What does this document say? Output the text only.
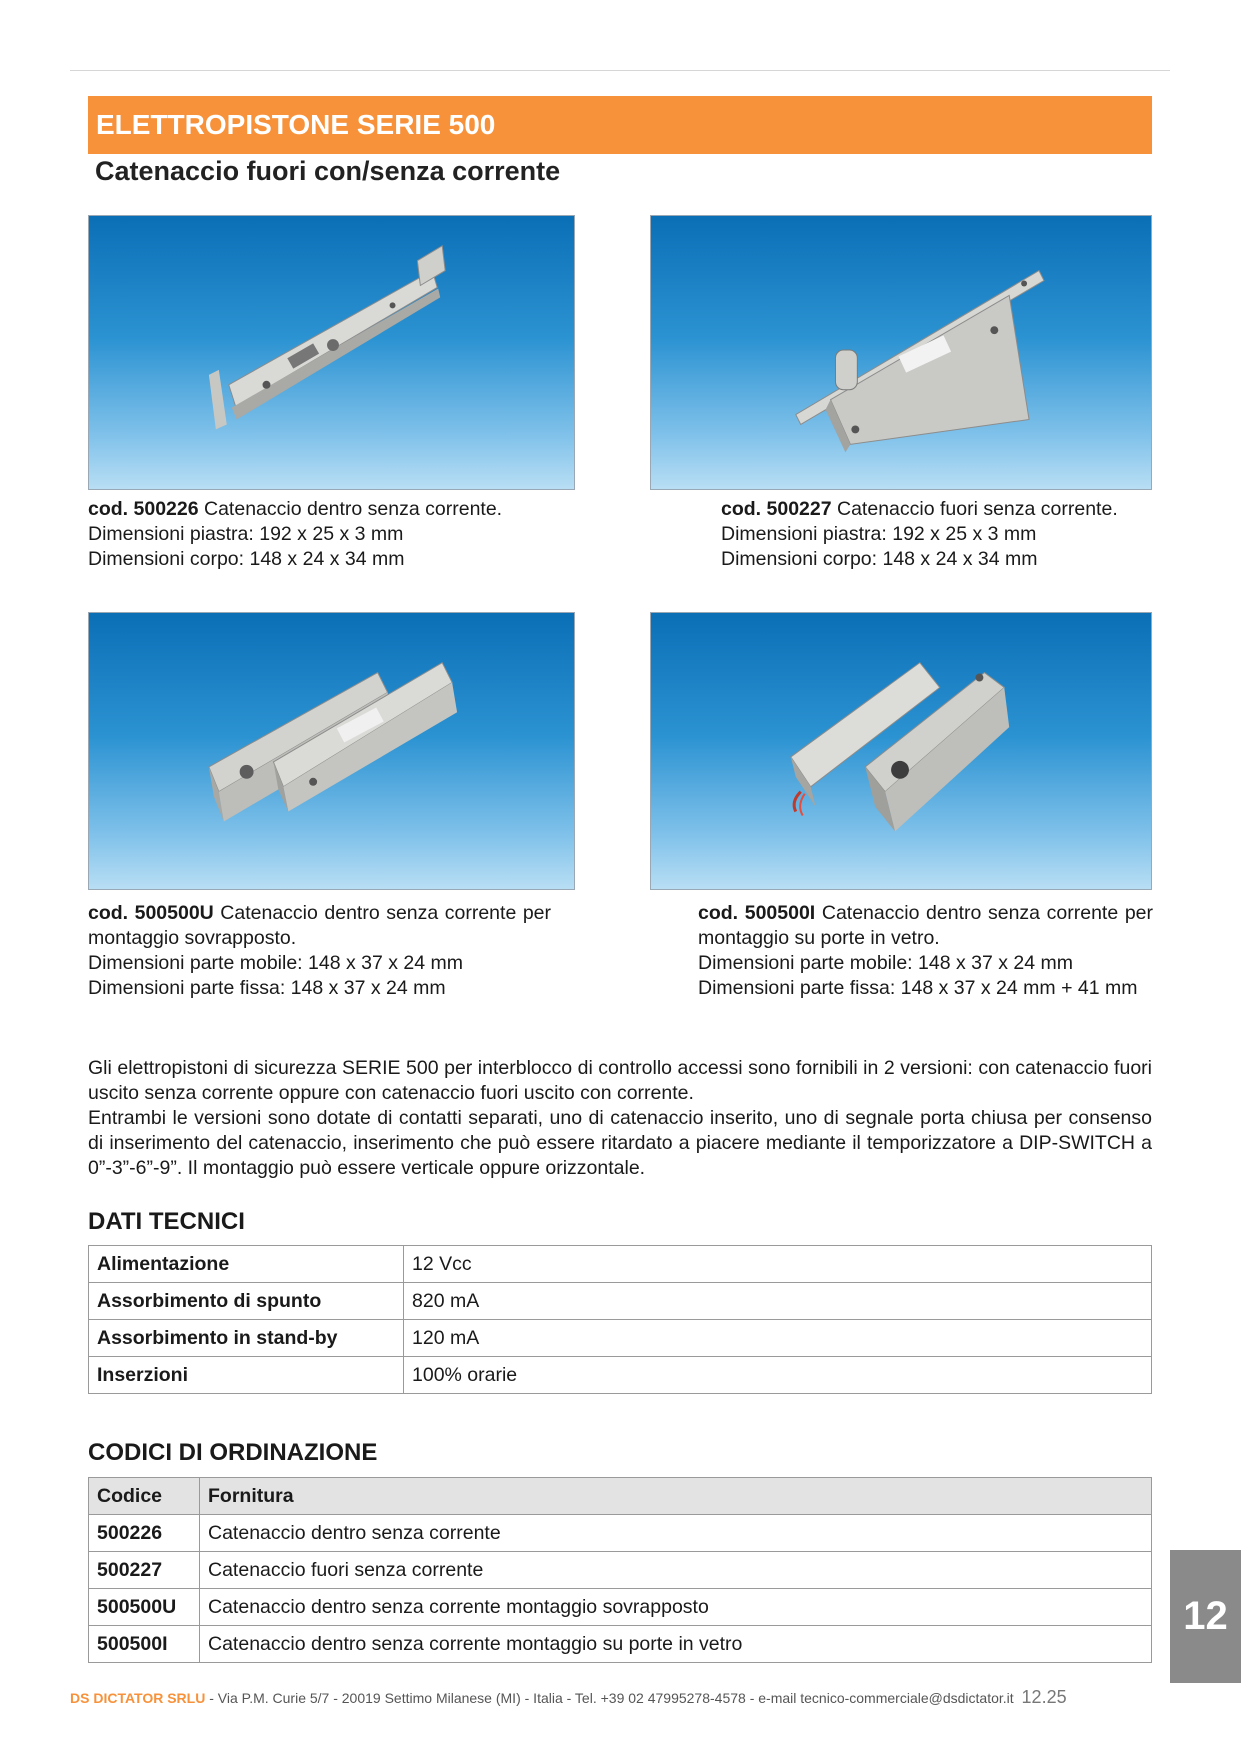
ELETTROPISTONE SERIE 500
Catenaccio fuori con/senza corrente

cod. 500226 Catenaccio dentro senza corrente.

Dimensioni piastra: 192 x 25 x 3 mm

Dimensioni corpo: 148 x 24 x 34 mm

cod. 500227 Catenaccio fuori senza corrente.

Dimensioni piastra: 192 x 25 x 3 mm

Dimensioni corpo: 148 x 24 x 34 mm

cod. 500500U Catenaccio dentro senza corrente per montaggio sovrapposto.

Dimensioni parte mobile: 148 x 37 x 24 mm

Dimensioni parte fissa: 148 x 37 x 24 mm

cod. 500500I Catenaccio dentro senza corrente per montaggio su porte in vetro.

Dimensioni parte mobile: 148 x 37 x 24 mm

Dimensioni parte fissa: 148 x 37 x 24 mm + 41 mm

Gli elettropistoni di sicurezza SERIE 500 per interblocco di controllo accessi sono fornibili in 2 versioni: con catenaccio fuori uscito senza corrente oppure con catenaccio fuori uscito con corrente.

Entrambi le versioni sono dotate di contatti separati, uno di catenaccio inserito, uno di segnale porta chiusa per consenso di inserimento del catenaccio, inserimento che può essere ritardato a piacere mediante il temporizzatore a DIP-SWITCH a 0”-3”-6”-9”. Il montaggio può essere verticale oppure orizzontale.

DATI TECNICI
Alimentazione	12 Vcc
Assorbimento di spunto	820 mA
Assorbimento in stand-by	120 mA
Inserzioni	100% orarie
CODICI DI ORDINAZIONE
Codice	Fornitura
500226	Catenaccio dentro senza corrente
500227	Catenaccio fuori senza corrente
500500U	Catenaccio dentro senza corrente montaggio sovrapposto
500500I	Catenaccio dentro senza corrente montaggio su porte in vetro
12
DS DICTATOR SRLU - Via P.M. Curie 5/7 - 20019 Settimo Milanese (MI) - Italia - Tel. +39 02 47995278-4578 - e-mail tecnico-commerciale@dsdictator.it 12.25
